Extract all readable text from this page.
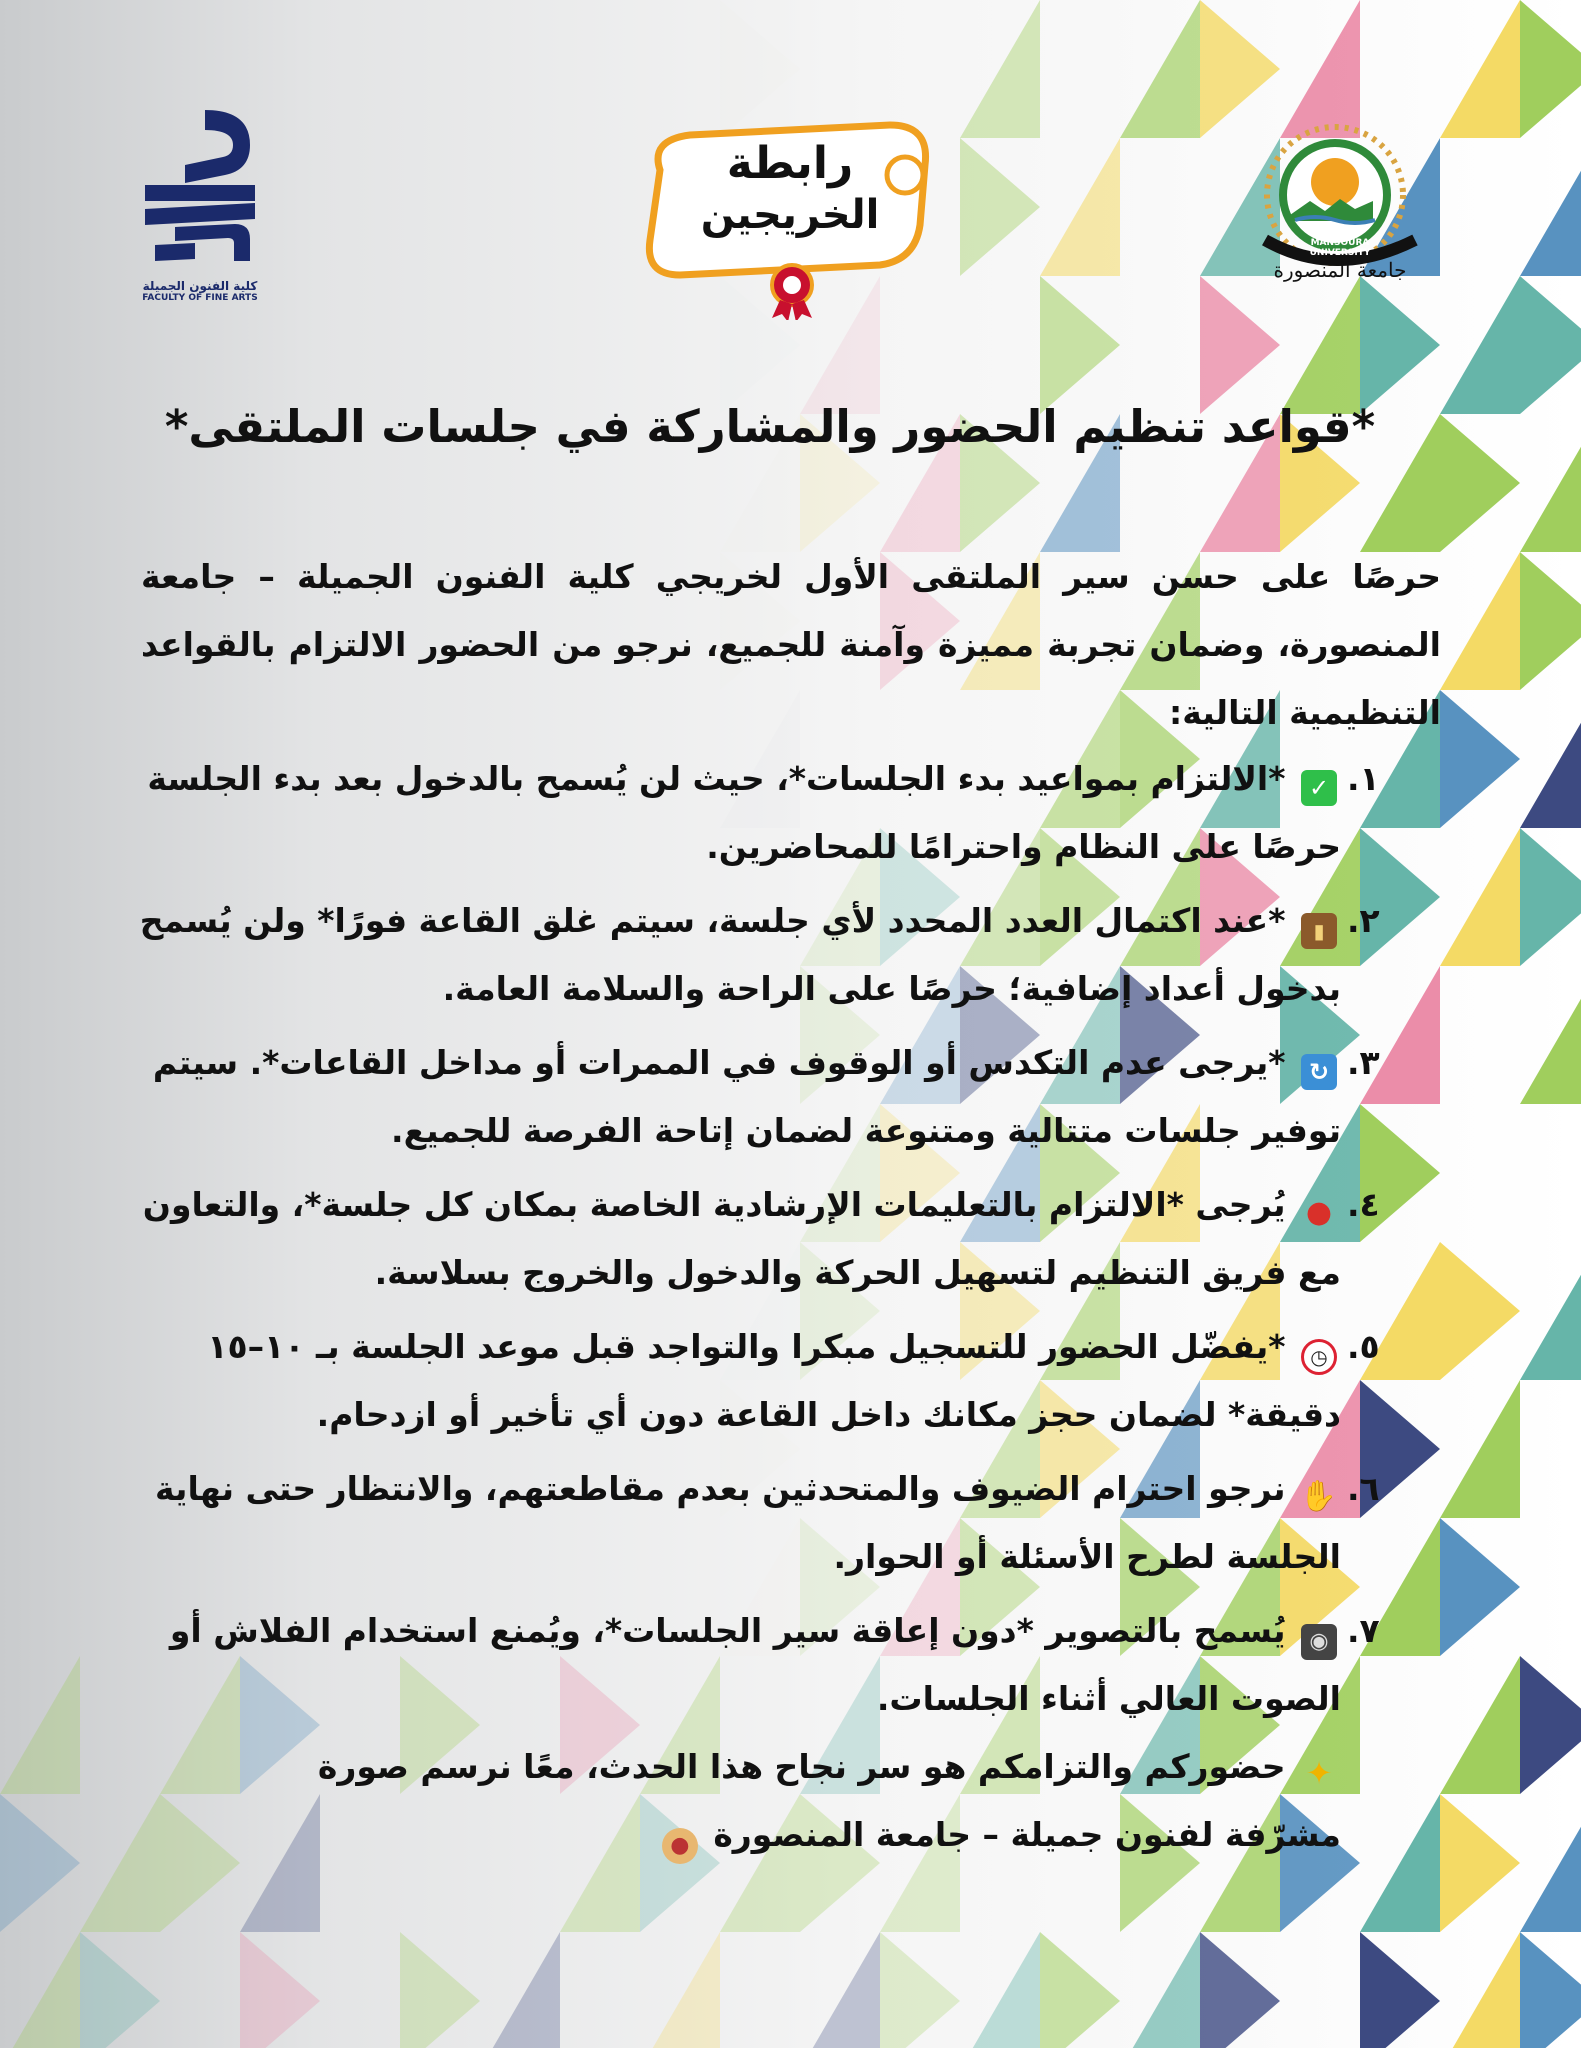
كلية الفنون الجميلة
FACULTY OF FINE ARTS
رابطة
الخريجين
MANSOURA UNIVERSITY
جامعة المنصورة
*قواعد تنظيم الحضور والمشاركة في جلسات الملتقى*

حرصًا على حسن سير الملتقى الأول لخريجي كلية الفنون الجميلة – جامعة المنصورة، وضمان تجربة مميزة وآمنة للجميع، نرجو من الحضور الالتزام بالقواعد التنظيمية التالية:

١.
✓ *الالتزام بمواعيد بدء الجلسات*، حيث لن يُسمح بالدخول بعد بدء الجلسة حرصًا على النظام واحترامًا للمحاضرين.
٢.
▮ *عند اكتمال العدد المحدد لأي جلسة، سيتم غلق القاعة فورًا* ولن يُسمح بدخول أعداد إضافية؛ حرصًا على الراحة والسلامة العامة.
٣.
↻ *يرجى عدم التكدس أو الوقوف في الممرات أو مداخل القاعات*. سيتم توفير جلسات متتالية ومتنوعة لضمان إتاحة الفرصة للجميع.
٤.
● يُرجى *الالتزام بالتعليمات الإرشادية الخاصة بمكان كل جلسة*، والتعاون مع فريق التنظيم لتسهيل الحركة والدخول والخروج بسلاسة.
٥.
◷ *يفضّل الحضور للتسجيل مبكرا والتواجد قبل موعد الجلسة بـ ١٠–١٥ دقيقة* لضمان حجز مكانك داخل القاعة دون أي تأخير أو ازدحام.
٦.
✋ نرجو احترام الضيوف والمتحدثين بعدم مقاطعتهم، والانتظار حتى نهاية الجلسة لطرح الأسئلة أو الحوار.
٧.
◉ يُسمح بالتصوير *دون إعاقة سير الجلسات*، ويُمنع استخدام الفلاش أو الصوت العالي أثناء الجلسات.

✦ حضوركم والتزامكم هو سر نجاح هذا الحدث، معًا نرسم صورة مشرّفة لفنون جميلة – جامعة المنصورة ●
